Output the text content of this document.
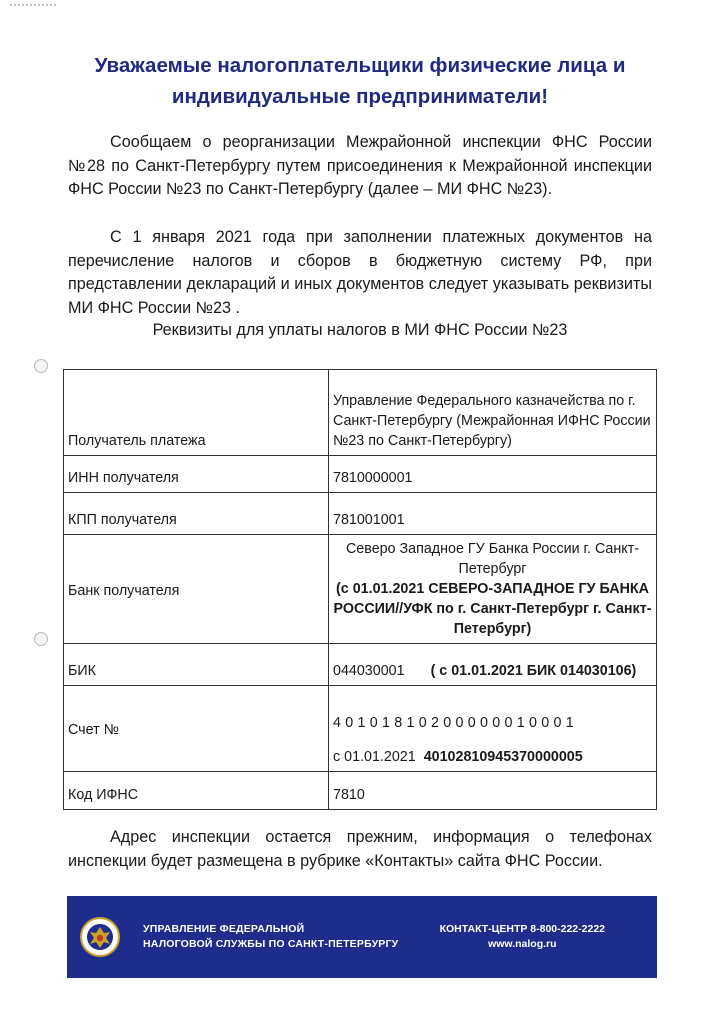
Уважаемые налогоплательщики физические лица и
индивидуальные предприниматели!
Сообщаем о реорганизации Межрайонной инспекции ФНС России №28 по Санкт-Петербургу путем присоединения к Межрайонной инспекции ФНС России №23 по Санкт-Петербургу (далее – МИ ФНС №23).
С 1 января 2021 года при заполнении платежных документов на перечисление налогов и сборов в бюджетную систему РФ, при представлении деклараций и иных документов следует указывать реквизиты МИ ФНС России №23 .
Реквизиты для уплаты налогов в МИ ФНС России №23
Получатель платежа	Управление Федерального казначейства по г. Санкт-Петербургу (Межрайонная ИФНС России №23 по Санкт-Петербургу)
ИНН получателя	7810000001
КПП получателя	781001001
Банк получателя	Северо Западное ГУ Банка России г. Санкт-Петербург
(с 01.01.2021 СЕВЕРО-ЗАПАДНОЕ ГУ БАНКА РОССИИ//УФК по г. Санкт-Петербург г. Санкт-Петербург)

БИК	044030001 ( с 01.01.2021 БИК 014030106)
Счет №	40101810200000010001
с 01.01.2021 40102810945370000005
Код ИФНС	7810
Адрес инспекции остается прежним, информация о телефонах инспекции будет размещена в рубрике «Контакты» сайта ФНС России.
УПРАВЛЕНИЕ ФЕДЕРАЛЬНОЙ
НАЛОГОВОЙ СЛУЖБЫ ПО САНКТ-ПЕТЕРБУРГУ
КОНТАКТ-ЦЕНТР 8-800-222-2222
www.nalog.ru
